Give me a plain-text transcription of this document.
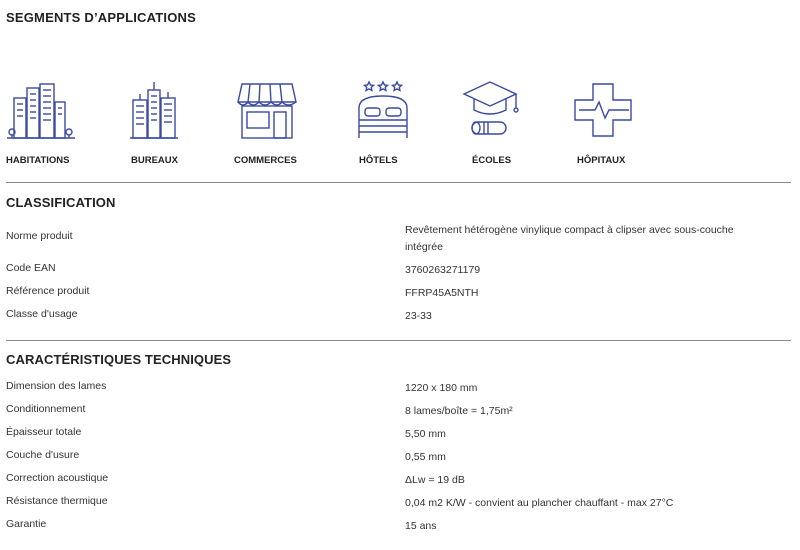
SEGMENTS D’APPLICATIONS
HABITATIONS	BUREAUX	COMMERCES	HÔTELS	ÉCOLES	HÔPITAUX
CLASSIFICATION
Norme produit	Revêtement hétérogène vinylique compact à clipser avec sous-couche intégrée
Code EAN	3760263271179
Référence produit	FFRP45A5NTH
Classe d'usage	23-33
CARACTÉRISTIQUES TECHNIQUES
Dimension des lames	1220 x 180 mm
Conditionnement	8 lames/boîte = 1,75m²
Épaisseur totale	5,50 mm
Couche d'usure	0,55 mm
Correction acoustique	ΔLw = 19 dB
Résistance thermique	0,04 m2 K/W - convient au plancher chauffant - max 27°C
Garantie	15 ans
